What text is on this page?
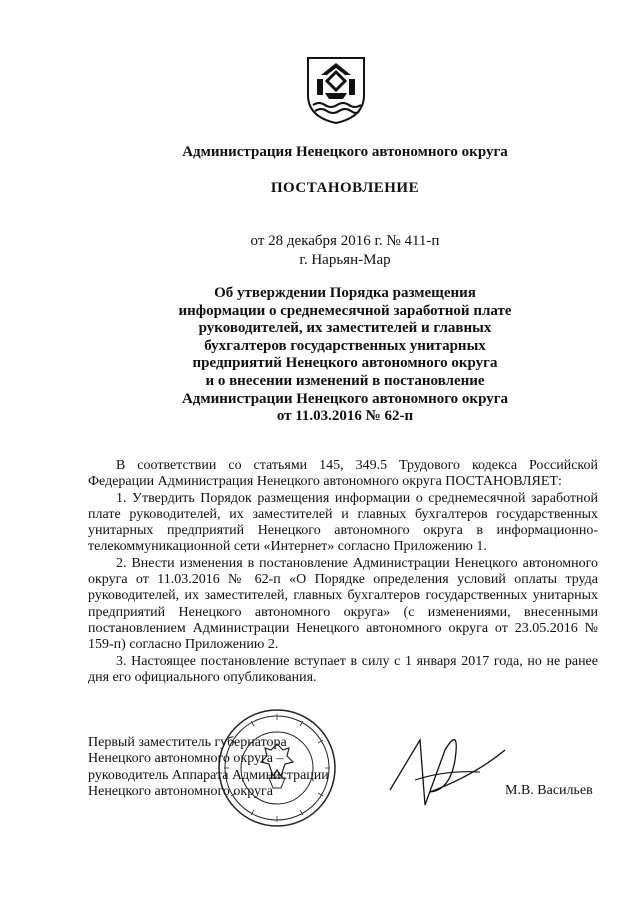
Администрация Ненецкого автономного округа
ПОСТАНОВЛЕНИЕ
от 28 декабря 2016 г. № 411-п
г. Нарьян-Мар
Об утверждении Порядка размещения
информации о среднемесячной заработной плате
руководителей, их заместителей и главных
бухгалтеров государственных унитарных
предприятий Ненецкого автономного округа
и о внесении изменений в постановление
Администрации Ненецкого автономного округа
от 11.03.2016 № 62-п

В соответствии со статьями 145, 349.5 Трудового кодекса Российской Федерации Администрация Ненецкого автономного округа ПОСТАНОВЛЯЕТ:

1. Утвердить Порядок размещения информации о среднемесячной заработной плате руководителей, их заместителей и главных бухгалтеров государственных унитарных предприятий Ненецкого автономного округа в информационно-телекоммуникационной сети «Интернет» согласно Приложению 1.

2. Внести изменения в постановление Администрации Ненецкого автономного округа от 11.03.2016 № 62-п «О Порядке определения условий оплаты труда руководителей, их заместителей, главных бухгалтеров государственных унитарных предприятий Ненецкого автономного округа» (с изменениями, внесенными постановлением Администрации Ненецкого автономного округа от 23.05.2016 № 159-п) согласно Приложению 2.

3. Настоящее постановление вступает в силу с 1 января 2017 года, но не ранее дня его официального опубликования.

Первый заместитель губернатора
Ненецкого автономного округа –
руководитель Аппарата Администрации
Ненецкого автономного округа	М.В. Васильев
